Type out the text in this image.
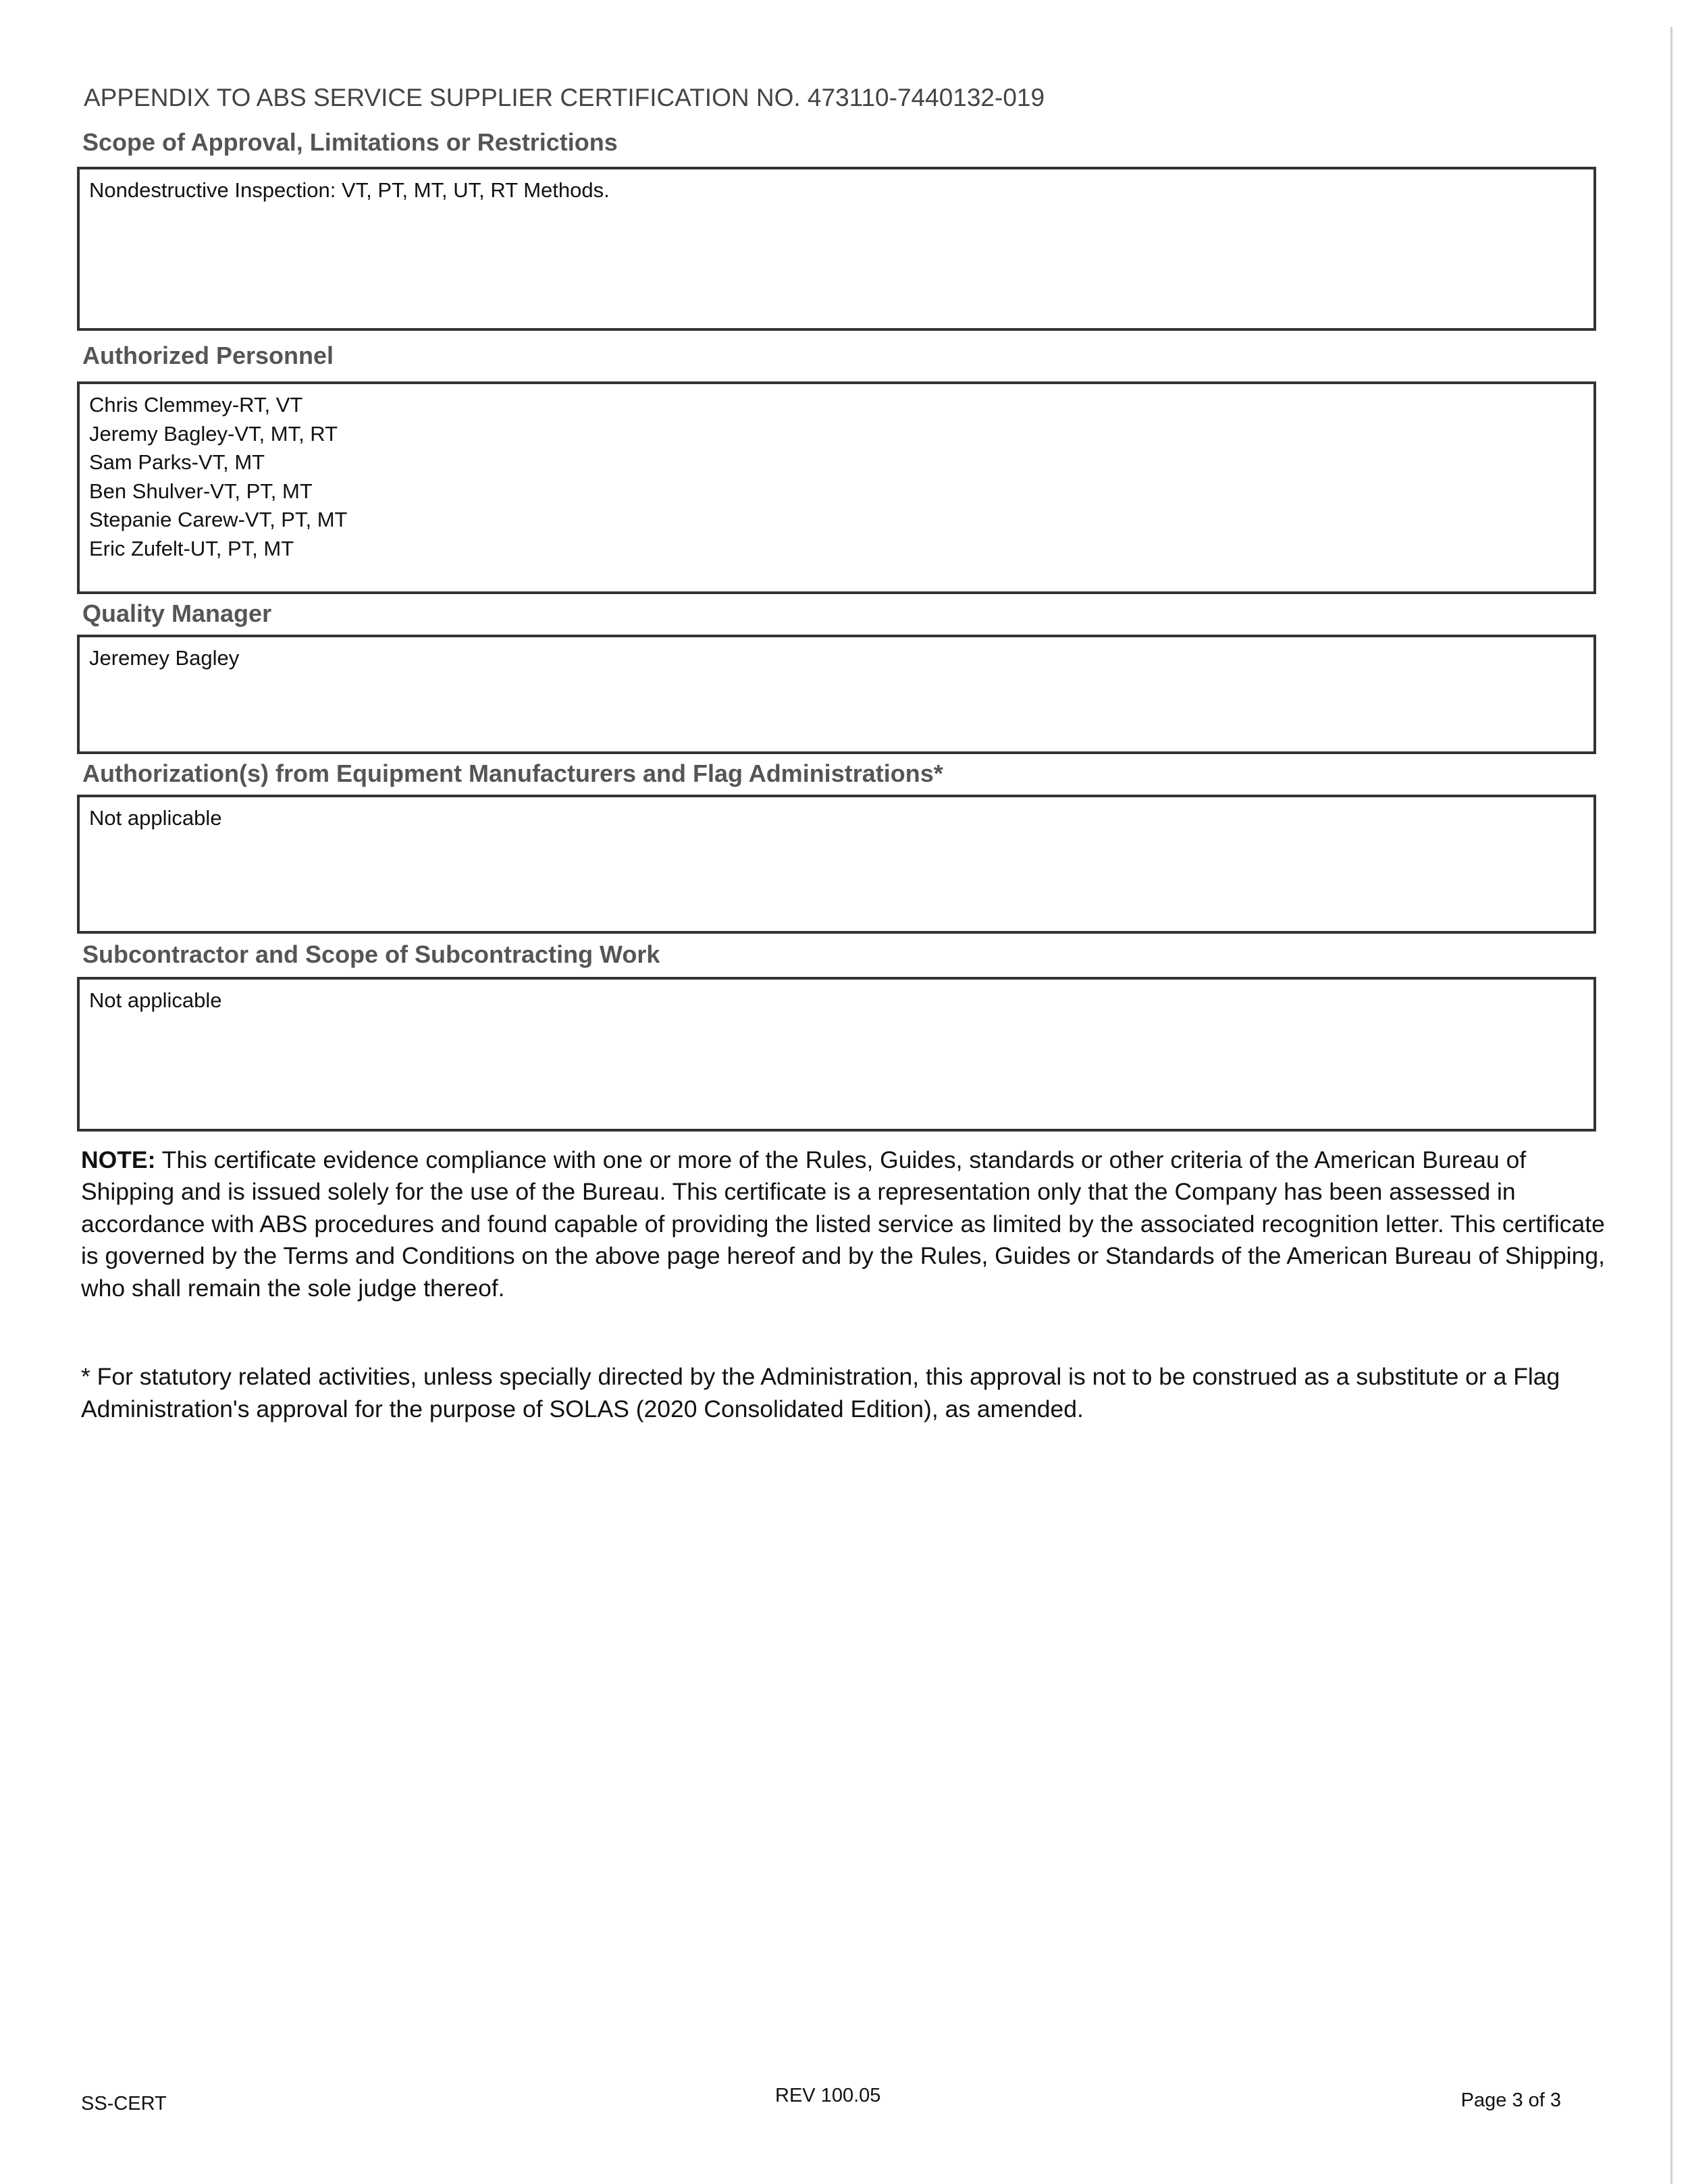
APPENDIX TO ABS SERVICE SUPPLIER CERTIFICATION NO. 473110-7440132-019
Scope of Approval, Limitations or Restrictions
Nondestructive Inspection: VT, PT, MT, UT, RT Methods.
Authorized Personnel
Chris Clemmey-RT, VT
Jeremy Bagley-VT, MT, RT
Sam Parks-VT, MT
Ben Shulver-VT, PT, MT
Stepanie Carew-VT, PT, MT
Eric Zufelt-UT, PT, MT
Quality Manager
Jeremey Bagley
Authorization(s) from Equipment Manufacturers and Flag Administrations*
Not applicable
Subcontractor and Scope of Subcontracting Work
Not applicable
NOTE: This certificate evidence compliance with one or more of the Rules, Guides, standards or other criteria of the American Bureau of Shipping and is issued solely for the use of the Bureau. This certificate is a representation only that the Company has been assessed in accordance with ABS procedures and found capable of providing the listed service as limited by the associated recognition letter. This certificate is governed by the Terms and Conditions on the above page hereof and by the Rules, Guides or Standards of the American Bureau of Shipping, who shall remain the sole judge thereof.
* For statutory related activities, unless specially directed by the Administration, this approval is not to be construed as a substitute or a Flag Administration's approval for the purpose of SOLAS (2020 Consolidated Edition), as amended.
SS-CERT	REV 100.05	Page 3 of 3
